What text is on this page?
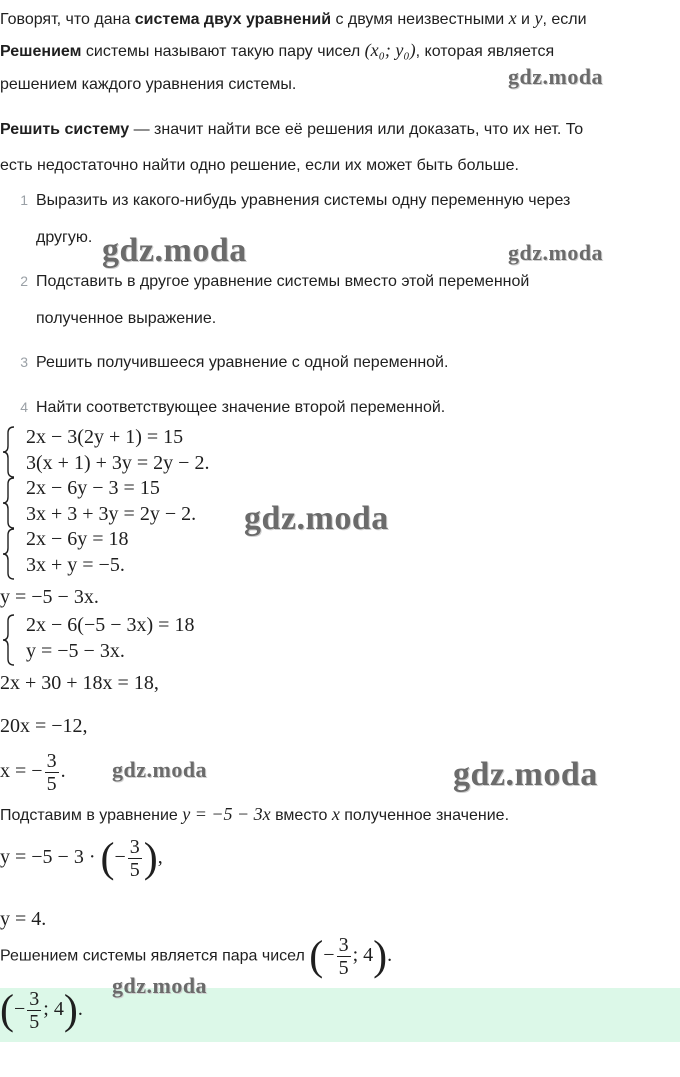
Говорят, что дана система двух уравнений с двумя неизвестными x и y, если
Решением системы называют такую пару чисел (x₀; y₀), которая является
решением каждого уравнения системы.
Решить систему — значит найти все её решения или доказать, что их нет. То
есть недостаточно найти одно решение, если их может быть больше.
1 Выразить из какого-нибудь уравнения системы одну переменную через
другую.
2 Подставить в другое уравнение системы вместо этой переменной
полученное выражение.
3 Решить получившееся уравнение с одной переменной.
4 Найти соответствующее значение второй переменной.
2x − 3(2y + 1) = 15
3(x + 1) + 3y = 2y − 2.
2x − 6y − 3 = 15
3x + 3 + 3y = 2y − 2.
2x − 6y = 18
3x + y = −5.
y = −5 − 3x.
2x − 6(−5 − 3x) = 18
y = −5 − 3x.
2x + 30 + 18x = 18,
20x = −12,
x = − $\frac{3}{5}$ .
Подставим в уравнение y = −5 − 3x вместо x полученное значение.
y = −5 − 3 · (− $\frac{3}{5}$ ),
y = 4.
Решением системы является пара чисел (− $\frac{3}{5}$ ; 4).
(− $\frac{3}{5}$ ; 4).
gdz.moda
gdz.moda	gdz.moda
gdz.moda
gdz.moda	gdz.moda
gdz.moda
